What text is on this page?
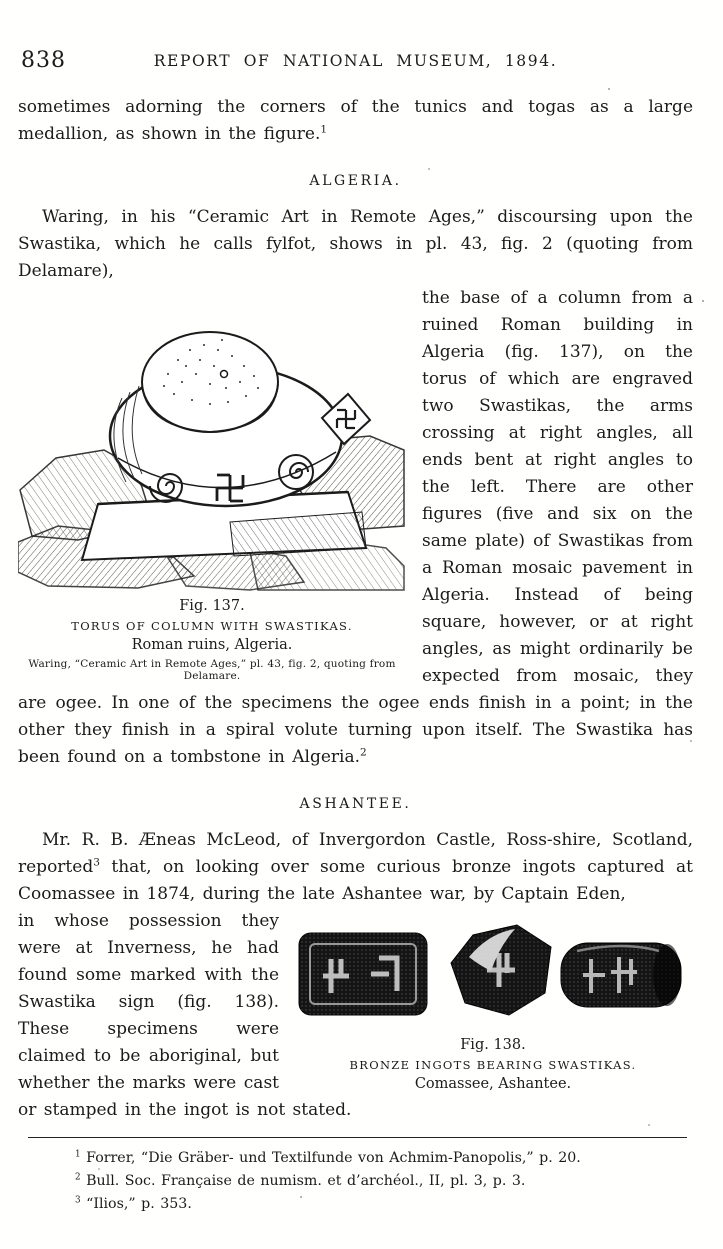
838	REPORT OF NATIONAL MUSEUM, 1894.

sometimes adorning the corners of the tunics and togas as a large medallion, as shown in the figure.$^1$

ALGERIA.

Waring, in his “Ceramic Art in Remote Ages,” discoursing upon the Swastika, which he calls fylfot, shows in pl. 43, fig. 2 (quoting from Delamare),

Fig. 137.
TORUS OF COLUMN WITH SWASTIKAS.
Roman ruins, Algeria.
Waring, “Ceramic Art in Remote Ages,” pl. 43, fig. 2, quoting from Delamare.

the base of a column from a ruined Roman building in Algeria (fig. 137), on the torus of which are engraved two Swastikas, the arms crossing at right angles, all ends bent at right angles to the left. There are other figures (five and six on the same plate) of Swastikas from a Roman mosaic pavement in Algeria. Instead of being square, however, or at right angles, as might ordinarily be expected from mosaic, they are ogee. In one of the specimens the ogee ends finish in a point; in the other they finish in a spiral volute turning upon itself. The Swastika has been found on a tombstone in Algeria.$^2$

ASHANTEE.

Mr. R. B. Æneas McLeod, of Invergordon Castle, Ross-shire, Scotland, reported$^3$ that, on looking over some curious bronze ingots captured at Coomassee in 1874, during the late Ashantee war, by Captain Eden,

Fig. 138.
BRONZE INGOTS BEARING SWASTIKAS.
Comassee, Ashantee.

in whose possession they were at Inverness, he had found some marked with the Swastika sign (fig. 138). These specimens were claimed to be aboriginal, but whether the marks were cast or stamped in the ingot is not stated.

$^1$ Forrer, “Die Gräber- und Textilfunde von Achmim-Panopolis,” p. 20.

$^2$ Bull. Soc. Française de numism. et d’archéol., II, pl. 3, p. 3.

$^3$ “Ilios,” p. 353.
